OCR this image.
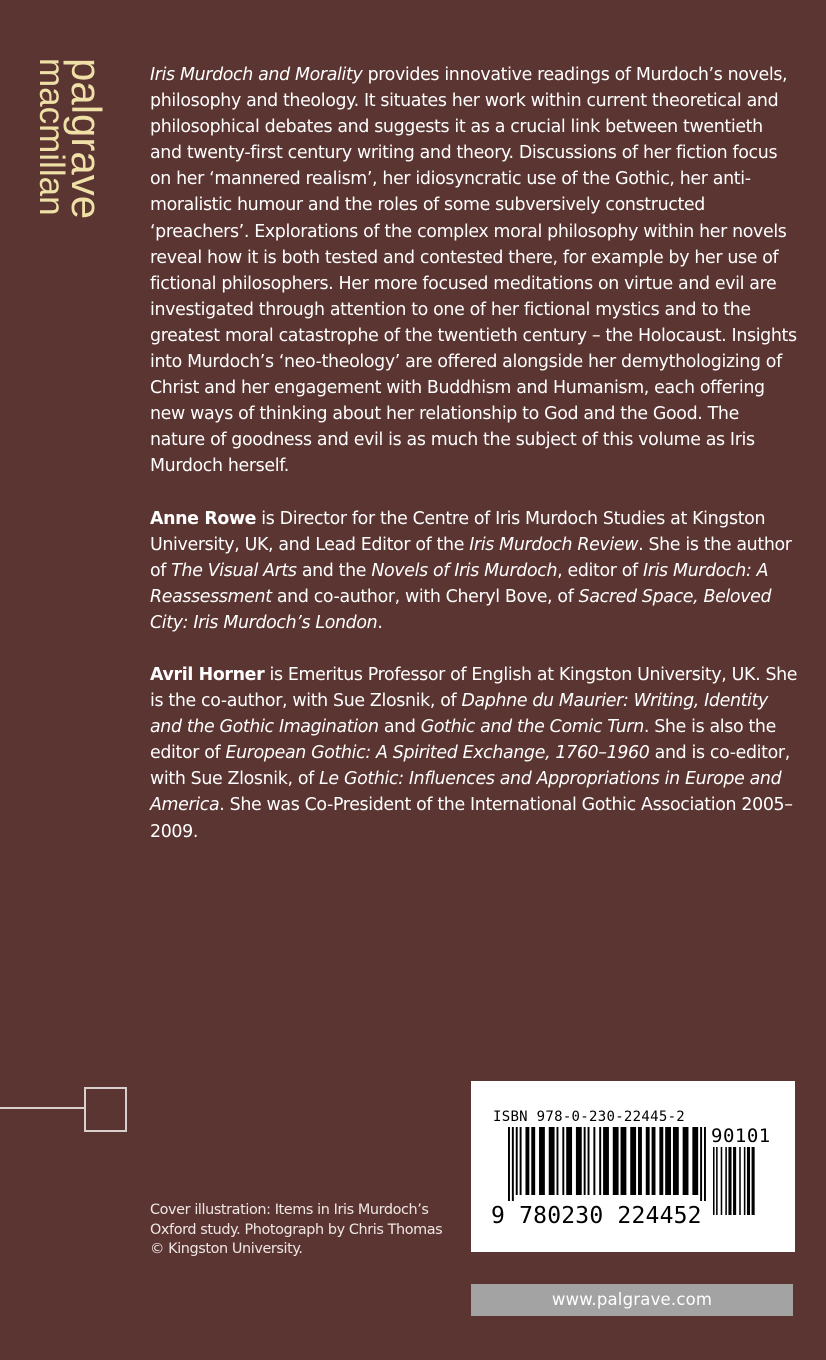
palgrave
macmillan	Iris Murdoch and Morality provides innovative readings of Murdoch’s novels, philosophy and theology. It situates her work within current theoretical and philosophical debates and suggests it as a crucial link between twentieth and twenty-first century writing and theory. Discussions of her fiction focus on her ‘mannered realism’, her idiosyncratic use of the Gothic, her anti-moralistic humour and the roles of some subversively constructed ‘preachers’. Explorations of the complex moral philosophy within her novels reveal how it is both tested and contested there, for example by her use of fictional philosophers. Her more focused meditations on virtue and evil are investigated through attention to one of her fictional mystics and to the greatest moral catastrophe of the twentieth century – the Holocaust. Insights into Murdoch’s ‘neo-theology’ are offered alongside her demythologizing of Christ and her engagement with Buddhism and Humanism, each offering new ways of thinking about her relationship to God and the Good. The nature of goodness and evil is as much the subject of this volume as Iris Murdoch herself.

Anne Rowe is Director for the Centre of Iris Murdoch Studies at Kingston University, UK, and Lead Editor of the Iris Murdoch Review. She is the author of The Visual Arts and the Novels of Iris Murdoch, editor of Iris Murdoch: A Reassessment and co-author, with Cheryl Bove, of Sacred Space, Beloved City: Iris Murdoch’s London.

Avril Horner is Emeritus Professor of English at Kingston University, UK. She is the co-author, with Sue Zlosnik, of Daphne du Maurier: Writing, Identity and the Gothic Imagination and Gothic and the Comic Turn. She is also the editor of European Gothic: A Spirited Exchange, 1760–1960 and is co-editor, with Sue Zlosnik, of Le Gothic: Influences and Appropriations in Europe and America. She was Co-President of the International Gothic Association 2005–2009.

Cover illustration: Items in Iris Murdoch’s
Oxford study. Photograph by Chris Thomas
© Kingston University.
ISBN 978-0-230-22445-2
90101
9 780230 224452
www.palgrave.com
